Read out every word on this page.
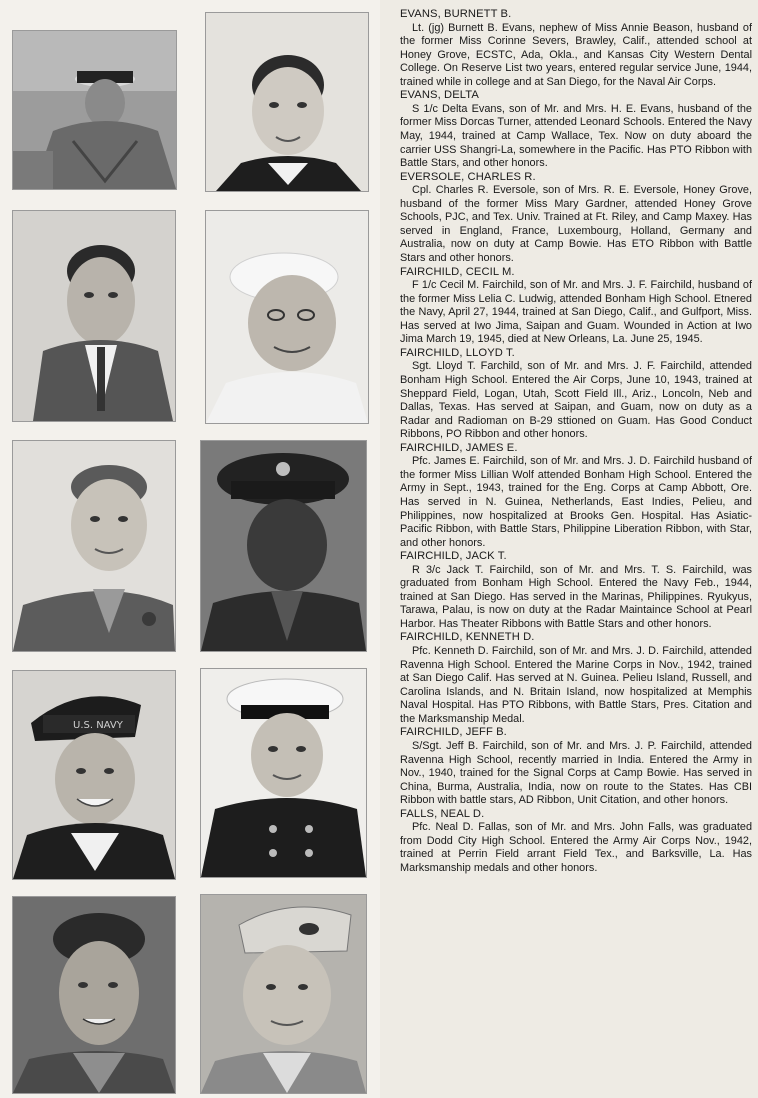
U.S. NAVY
EVANS, BURNETT B.

Lt. (jg) Burnett B. Evans, nephew of Miss Annie Beason, husband of the former Miss Corinne Severs, Brawley, Calif., attended school at Honey Grove, ECSTC, Ada, Okla., and Kansas City Western Dental College. On Reserve List two years, entered regular service June, 1944, trained while in college and at San Diego, for the Naval Air Corps.

EVANS, DELTA

S 1/c Delta Evans, son of Mr. and Mrs. H. E. Evans, husband of the former Miss Dorcas Turner, attended Leonard Schools. Entered the Navy May, 1944, trained at Camp Wallace, Tex. Now on duty aboard the carrier USS Shangri-La, somewhere in the Pacific. Has PTO Ribbon with Battle Stars, and other honors.

EVERSOLE, CHARLES R.

Cpl. Charles R. Eversole, son of Mrs. R. E. Eversole, Honey Grove, husband of the former Miss Mary Gardner, attended Honey Grove Schools, PJC, and Tex. Univ. Trained at Ft. Riley, and Camp Maxey. Has served in England, France, Luxembourg, Holland, Germany and Australia, now on duty at Camp Bowie. Has ETO Ribbon with Battle Stars and other honors.

FAIRCHILD, CECIL M.

F 1/c Cecil M. Fairchild, son of Mr. and Mrs. J. F. Fairchild, husband of the former Miss Lelia C. Ludwig, attended Bonham High School. Etnered the Navy, April 27, 1944, trained at San Diego, Calif., and Gulfport, Miss. Has served at Iwo Jima, Saipan and Guam. Wounded in Action at Iwo Jima March 19, 1945, died at New Orleans, La. June 25, 1945.

FAIRCHILD, LLOYD T.

Sgt. Lloyd T. Farchild, son of Mr. and Mrs. J. F. Fairchild, attended Bonham High School. Entered the Air Corps, June 10, 1943, trained at Sheppard Field, Logan, Utah, Scott Field Ill., Ariz., Loncoln, Neb and Dallas, Texas. Has served at Saipan, and Guam, now on duty as a Radar and Radioman on B-29 sttioned on Guam. Has Good Conduct Ribbons, PO Ribbon and other honors.

FAIRCHILD, JAMES E.

Pfc. James E. Fairchild, son of Mr. and Mrs. J. D. Fairchild husband of the former Miss Lillian Wolf attended Bonham High School. Entered the Army in Sept., 1943, trained for the Eng. Corps at Camp Abbott, Ore. Has served in N. Guinea, Netherlands, East Indies, Pelieu, and Philippines, now hospitalized at Brooks Gen. Hospital. Has Asiatic-Pacific Ribbon, with Battle Stars, Philippine Liberation Ribbon, with Star, and other honors.

FAIRCHILD, JACK T.

R 3/c Jack T. Fairchild, son of Mr. and Mrs. T. S. Fairchild, was graduated from Bonham High School. Entered the Navy Feb., 1944, trained at San Diego. Has served in the Marinas, Philippines. Ryukyus, Tarawa, Palau, is now on duty at the Radar Maintaince School at Pearl Harbor. Has Theater Ribbons with Battle Stars and other honors.

FAIRCHILD, KENNETH D.

Pfc. Kenneth D. Fairchild, son of Mr. and Mrs. J. D. Fairchild, attended Ravenna High School. Entered the Marine Corps in Nov., 1942, trained at San Diego Calif. Has served at N. Guinea. Pelieu Island, Russell, and Carolina Islands, and N. Britain Island, now hospitalized at Memphis Naval Hospital. Has PTO Ribbons, with Battle Stars, Pres. Citation and the Marksmanship Medal.

FAIRCHILD, JEFF B.

S/Sgt. Jeff B. Fairchild, son of Mr. and Mrs. J. P. Fairchild, attended Ravenna High School, recently married in India. Entered the Army in Nov., 1940, trained for the Signal Corps at Camp Bowie. Has served in China, Burma, Australia, India, now on route to the States. Has CBI Ribbon with battle stars, AD Ribbon, Unit Citation, and other honors.

FALLS, NEAL D.

Pfc. Neal D. Fallas, son of Mr. and Mrs. John Falls, was graduated from Dodd City High School. Entered the Army Air Corps Nov., 1942, trained at Perrin Field arrant Field Tex., and Barksville, La. Has Marksmanship medals and other honors.
